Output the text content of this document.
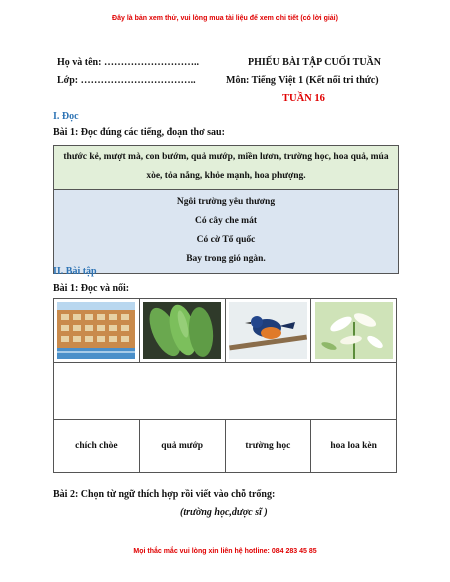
Đây là bản xem thử, vui lòng mua tài liệu để xem chi tiết (có lời giải)
Họ và tên: ………………………..
Lớp: ……………………………..
PHIẾU BÀI TẬP CUỐI TUẦN
Môn: Tiếng Việt 1 (Kết nối tri thức)
TUẦN 16
I. Đọc
Bài 1: Đọc đúng các tiếng, đoạn thơ sau:
thước kẻ, mượt mà, con bướm, quả mướp, miền lươn, trường học, hoa quả, múa xòe, tỏa nắng, khỏe mạnh, hoa phượng.
Ngôi trường yêu thương
Có cây che mát
Có cờ Tổ quốc
Bay trong gió ngàn.
II. Bài tập
Bài 1: Đọc và nối:

chích chòe	quả mướp	trường học	hoa loa kèn
Bài 2: Chọn từ ngữ thích hợp rồi viết vào chỗ trống:
(trường học,dược sĩ )
Mọi thắc mắc vui lòng xin liên hệ hotline: 084 283 45 85
